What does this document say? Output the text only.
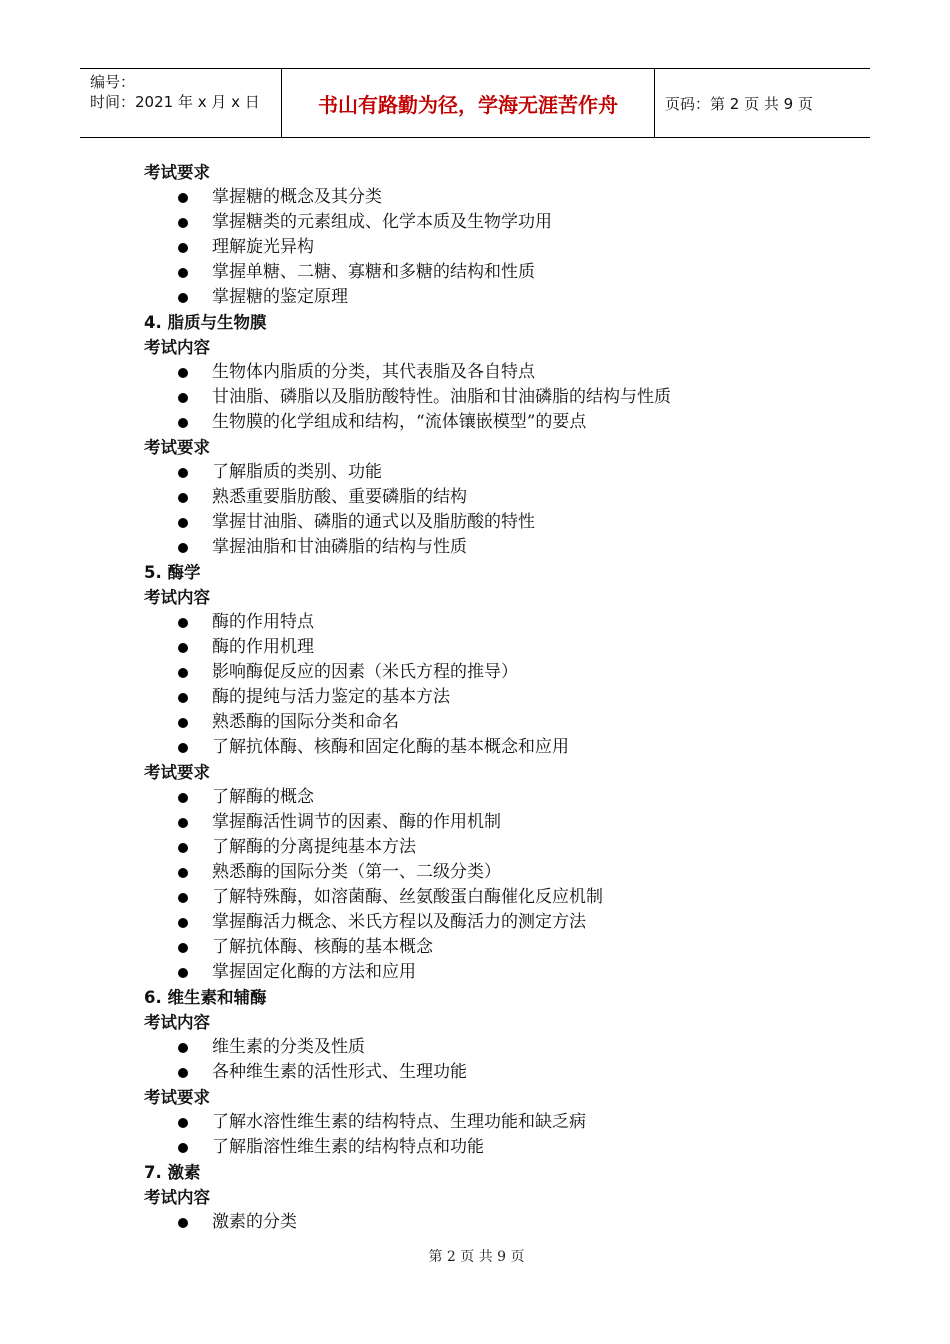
编号：
时间：2021 年 x 月 x 日	书山有路勤为径，学海无涯苦作舟	页码：第 2 页 共 9 页
考试要求
掌握糖的概念及其分类
掌握糖类的元素组成、化学本质及生物学功用
理解旋光异构
掌握单糖、二糖、寡糖和多糖的结构和性质
掌握糖的鉴定原理
4. 脂质与生物膜
考试内容
生物体内脂质的分类，其代表脂及各自特点
甘油脂、磷脂以及脂肪酸特性。油脂和甘油磷脂的结构与性质
生物膜的化学组成和结构，“流体镶嵌模型”的要点
考试要求
了解脂质的类别、功能
熟悉重要脂肪酸、重要磷脂的结构
掌握甘油脂、磷脂的通式以及脂肪酸的特性
掌握油脂和甘油磷脂的结构与性质
5. 酶学
考试内容
酶的作用特点
酶的作用机理
影响酶促反应的因素（米氏方程的推导）
酶的提纯与活力鉴定的基本方法
熟悉酶的国际分类和命名
了解抗体酶、核酶和固定化酶的基本概念和应用
考试要求
了解酶的概念
掌握酶活性调节的因素、酶的作用机制
了解酶的分离提纯基本方法
熟悉酶的国际分类（第一、二级分类）
了解特殊酶，如溶菌酶、丝氨酸蛋白酶催化反应机制
掌握酶活力概念、米氏方程以及酶活力的测定方法
了解抗体酶、核酶的基本概念
掌握固定化酶的方法和应用
6. 维生素和辅酶
考试内容
维生素的分类及性质
各种维生素的活性形式、生理功能
考试要求
了解水溶性维生素的结构特点、生理功能和缺乏病
了解脂溶性维生素的结构特点和功能
7. 激素
考试内容
激素的分类
第 2 页 共 9 页
